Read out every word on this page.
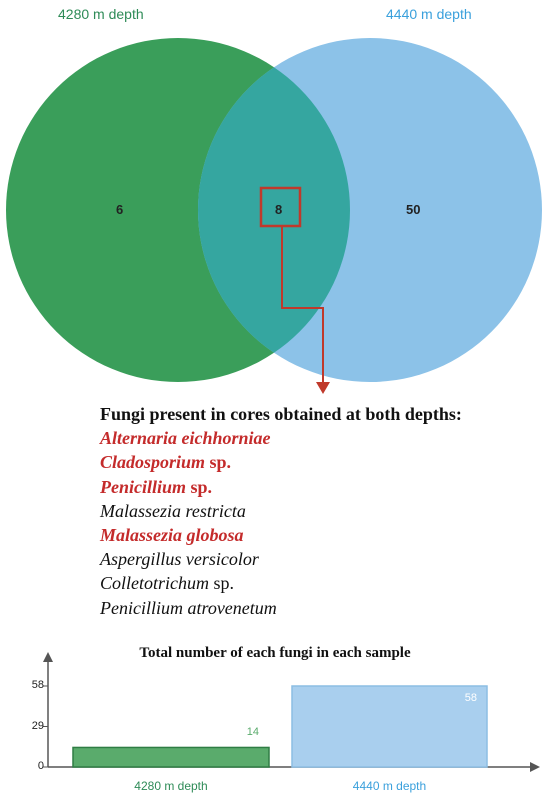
4280 m depth	4440 m depth
6	8	50
Fungi present in cores obtained at both depths:
Alternaria eichhorniae
Cladosporium sp.
Penicillium sp.
Malassezia restricta
Malassezia globosa
Aspergillus versicolor
Colletotrichum sp.
Penicillium atrovenetum
Total number of each fungi in each sample
0
29
58
14
4280 m depth
58
4440 m depth
